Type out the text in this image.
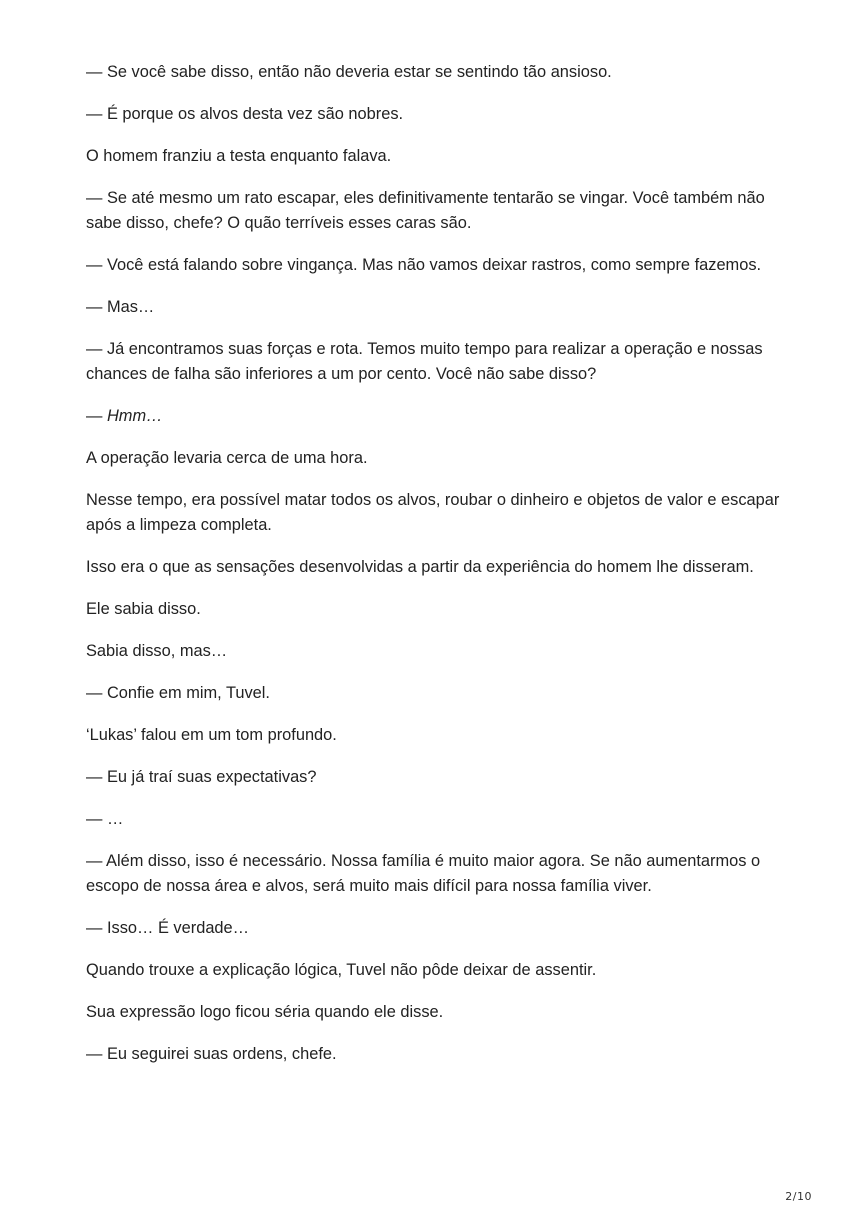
— Se você sabe disso, então não deveria estar se sentindo tão ansioso.

— É porque os alvos desta vez são nobres.

O homem franziu a testa enquanto falava.

— Se até mesmo um rato escapar, eles definitivamente tentarão se vingar. Você também não sabe disso, chefe? O quão terríveis esses caras são.

— Você está falando sobre vingança. Mas não vamos deixar rastros, como sempre fazemos.

— Mas…

— Já encontramos suas forças e rota. Temos muito tempo para realizar a operação e nossas chances de falha são inferiores a um por cento. Você não sabe disso?

— Hmm…

A operação levaria cerca de uma hora.

Nesse tempo, era possível matar todos os alvos, roubar o dinheiro e objetos de valor e escapar após a limpeza completa.

Isso era o que as sensações desenvolvidas a partir da experiência do homem lhe disseram.

Ele sabia disso.

Sabia disso, mas…

— Confie em mim, Tuvel.

‘Lukas’ falou em um tom profundo.

— Eu já traí suas expectativas?

— …

— Além disso, isso é necessário. Nossa família é muito maior agora. Se não aumentarmos o escopo de nossa área e alvos, será muito mais difícil para nossa família viver.

— Isso… É verdade…

Quando trouxe a explicação lógica, Tuvel não pôde deixar de assentir.

Sua expressão logo ficou séria quando ele disse.

— Eu seguirei suas ordens, chefe.

2/10
